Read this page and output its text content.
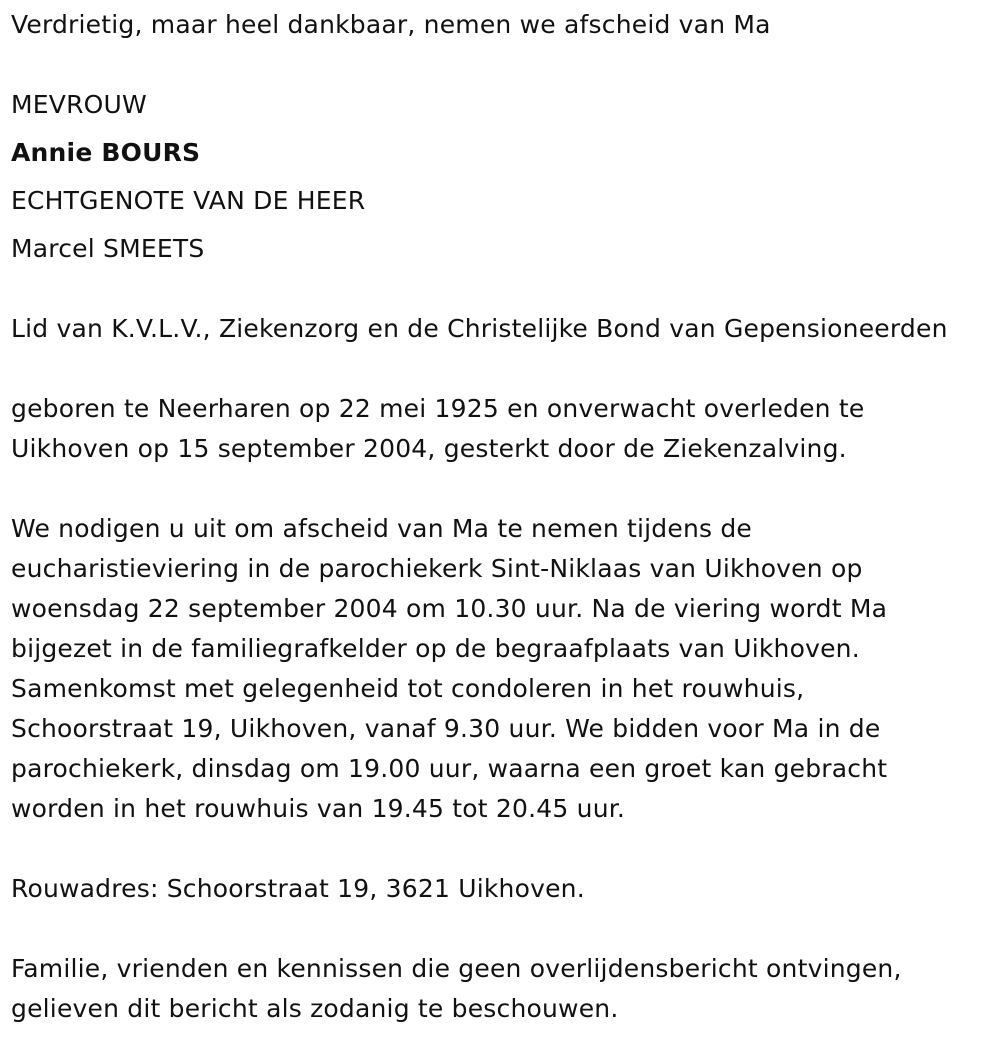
Verdrietig, maar heel dankbaar, nemen we afscheid van Ma

MEVROUW

Annie BOURS

ECHTGENOTE VAN DE HEER

Marcel SMEETS

Lid van K.V.L.V., Ziekenzorg en de Christelijke Bond van Gepensioneerden

geboren te Neerharen op 22 mei 1925 en onverwacht overleden te

Uikhoven op 15 september 2004, gesterkt door de Ziekenzalving.

We nodigen u uit om afscheid van Ma te nemen tijdens de

eucharistieviering in de parochiekerk Sint-Niklaas van Uikhoven op

woensdag 22 september 2004 om 10.30 uur. Na de viering wordt Ma

bijgezet in de familiegrafkelder op de begraafplaats van Uikhoven.

Samenkomst met gelegenheid tot condoleren in het rouwhuis,

Schoorstraat 19, Uikhoven, vanaf 9.30 uur. We bidden voor Ma in de

parochiekerk, dinsdag om 19.00 uur, waarna een groet kan gebracht

worden in het rouwhuis van 19.45 tot 20.45 uur.

Rouwadres: Schoorstraat 19, 3621 Uikhoven.

Familie, vrienden en kennissen die geen overlijdensbericht ontvingen,

gelieven dit bericht als zodanig te beschouwen.
